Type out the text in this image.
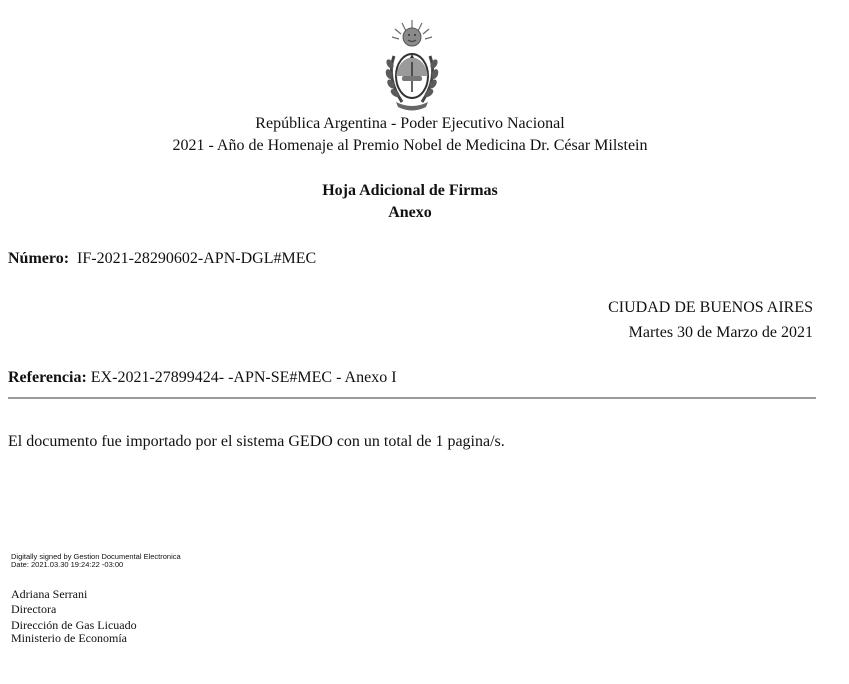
República Argentina - Poder Ejecutivo Nacional
2021 - Año de Homenaje al Premio Nobel de Medicina Dr. César Milstein
Hoja Adicional de Firmas
Anexo
Número: IF-2021-28290602-APN-DGL#MEC
CIUDAD DE BUENOS AIRES
Martes 30 de Marzo de 2021
Referencia: EX-2021-27899424- -APN-SE#MEC - Anexo I
El documento fue importado por el sistema GEDO con un total de 1 pagina/s.
Digitally signed by Gestion Documental Electronica
Date: 2021.03.30 19:24:22 -03:00
Adriana Serrani
Directora
Dirección de Gas Licuado
Ministerio de Economía
